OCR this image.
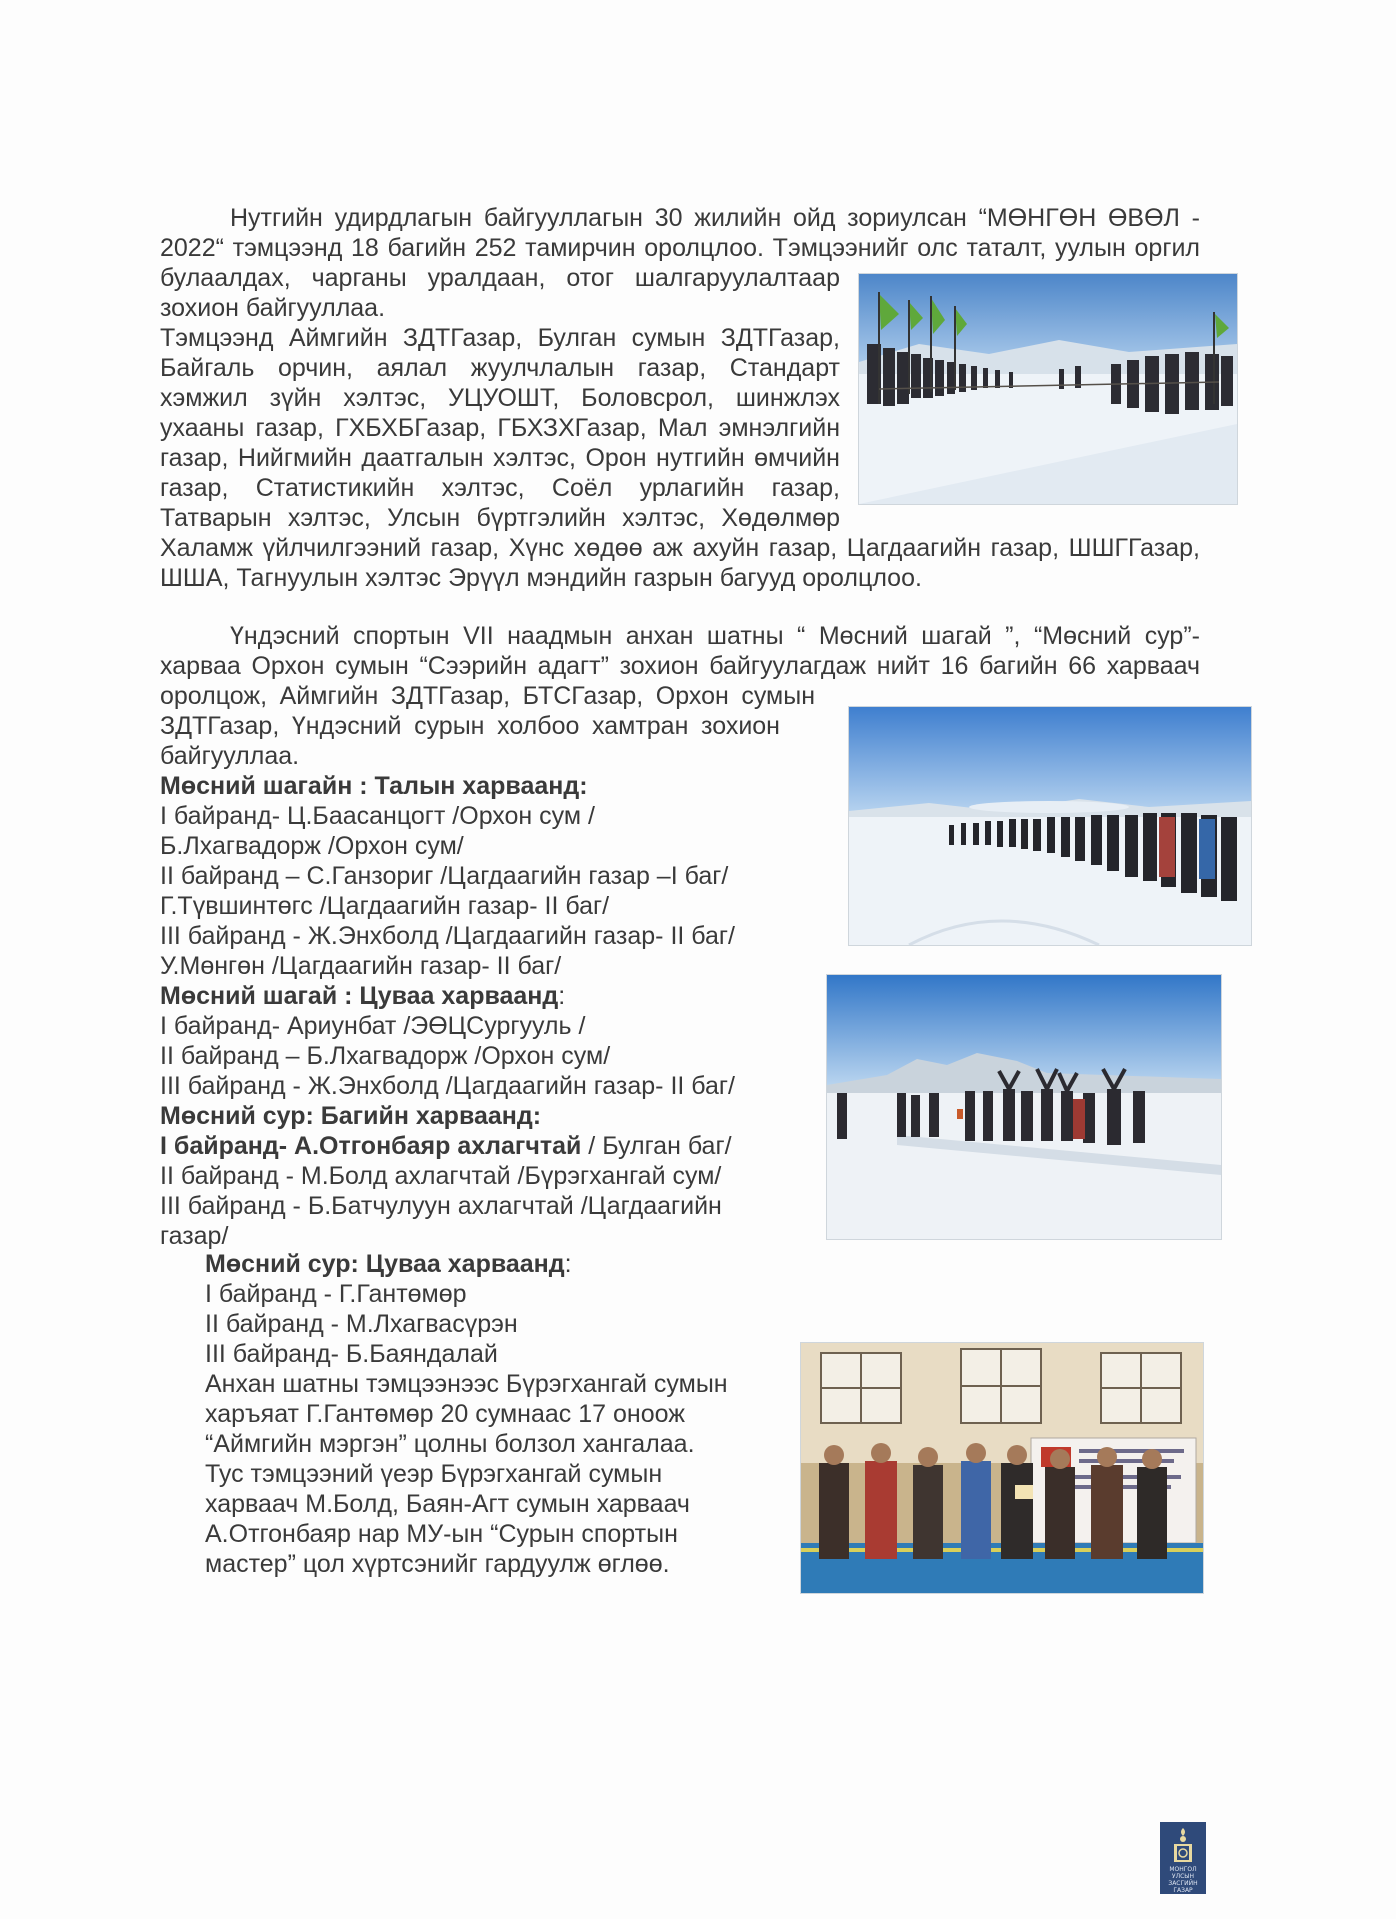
Нутгийн удирдлагын байгууллагын 30 жилийн ойд зориулсан “МӨНГӨН ӨВӨЛ -
2022“ тэмцээнд 18 багийн 252 тамирчин оролцлоо. Тэмцээнийг олс таталт, уулын оргил
булаалдах, чарганы уралдаан, отог шалгаруулалтаар
зохион байгууллаа.
Тэмцээнд Аймгийн ЗДТГазар, Булган сумын ЗДТГазар,
Байгаль орчин, аялал жуулчлалын газар, Стандарт
хэмжил зүйн хэлтэс, УЦУОШТ, Боловсрол, шинжлэх
ухааны газар, ГХБХБГазар, ГБХЗХГазар, Мал эмнэлгийн
газар, Нийгмийн даатгалын хэлтэс, Орон нутгийн өмчийн
газар, Статистикийн хэлтэс, Соёл урлагийн газар,
Татварын хэлтэс, Улсын бүртгэлийн хэлтэс, Хөдөлмөр
Халамж үйлчилгээний газар, Хүнс хөдөө аж ахуйн газар, Цагдаагийн газар, ШШГГазар,
ШША, Тагнуулын хэлтэс Эрүүл мэндийн газрын багууд оролцлоо.
Үндэсний спортын VII наадмын анхан шатны “ Мөсний шагай ”, “Мөсний сур”-
харваа Орхон сумын “Сээрийн адагт” зохион байгуулагдаж нийт 16 багийн 66 харваач
оролцож, Аймгийн ЗДТГазар, БТСГазар, Орхон сумын
ЗДТГазар, Үндэсний сурын холбоо хамтран зохион
байгууллаа.
Мөсний шагайн : Талын харваанд:
I байранд- Ц.Баасанцогт /Орхон сум /
Б.Лхагвадорж /Орхон сум/
II байранд – С.Ганзориг /Цагдаагийн газар –I баг/
Г.Түвшинтөгс /Цагдаагийн газар- II баг/
III байранд - Ж.Энхболд /Цагдаагийн газар- II баг/
У.Мөнгөн /Цагдаагийн газар- II баг/
Мөсний шагай : Цуваа харваанд:
I байранд- Ариунбат /ЭӨЦСургууль /
II байранд – Б.Лхагвадорж /Орхон сум/
III байранд - Ж.Энхболд /Цагдаагийн газар- II баг/
Мөсний сур: Багийн харваанд:
I байранд- А.Отгонбаяр ахлагчтай / Булган баг/
II байранд - М.Болд ахлагчтай /Бүрэгхангай сум/
III байранд - Б.Батчулуун ахлагчтай /Цагдаагийн
газар/
Мөсний сур: Цуваа харваанд:
I байранд - Г.Гантөмөр
II байранд - М.Лхагвасүрэн
III байранд- Б.Баяндалай
Анхан шатны тэмцээнээс Бүрэгхангай сумын
харъяат Г.Гантөмөр 20 сумнаас 17 оноож
“Аймгийн мэргэн” цолны болзол хангалаа.
Тус тэмцээний үеэр Бүрэгхангай сумын
харваач М.Болд, Баян-Агт сумын харваач
А.Отгонбаяр нар МУ-ын “Сурын спортын
мастер” цол хүртсэнийг гардуулж өглөө.
МОНГОЛ УЛСЫН
ЗАСГИЙН ГАЗАР
